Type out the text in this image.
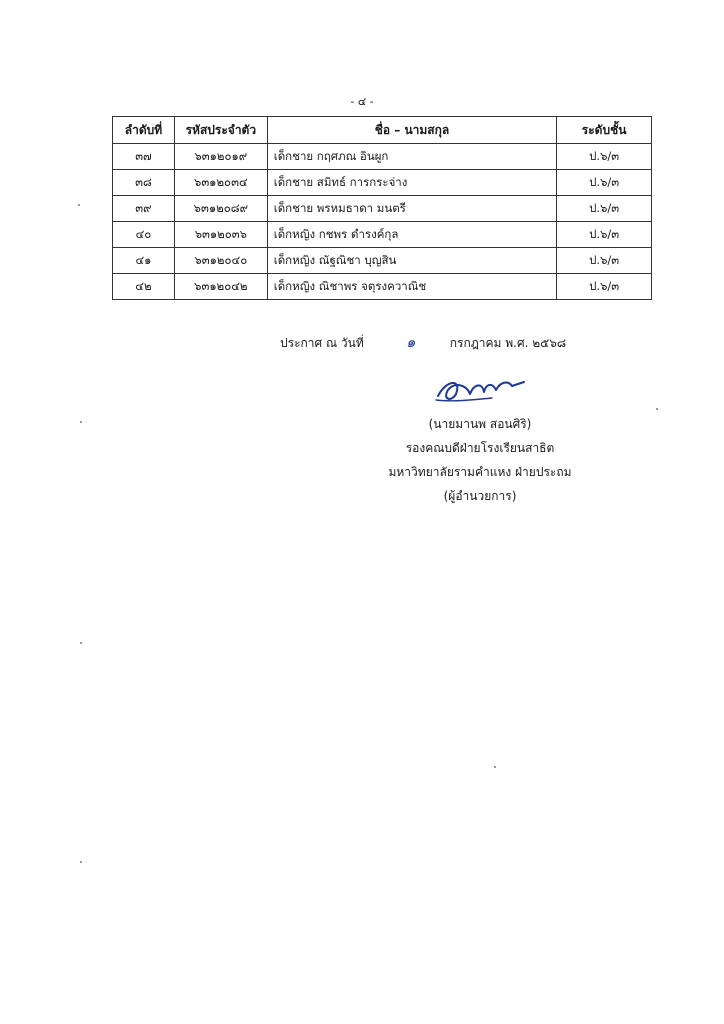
- ๔ -
ลำดับที่	รหัสประจำตัว	ชื่อ – นามสกุล	ระดับชั้น
๓๗	๖๓๑๒๐๑๙	เด็กชาย กฤศภณ อินผูก	ป.๖/๓
๓๘	๖๓๑๒๐๓๔	เด็กชาย สมิทธ์ การกระจ่าง	ป.๖/๓
๓๙	๖๓๑๒๐๘๙	เด็กชาย พรหมธาดา มนตรี	ป.๖/๓
๔๐	๖๓๑๒๐๓๖	เด็กหญิง กชพร ดำรงค์กุล	ป.๖/๓
๔๑	๖๓๑๒๐๔๐	เด็กหญิง ณัฐณิชา บุญสิน	ป.๖/๓
๔๒	๖๓๑๒๐๔๒	เด็กหญิง ณิชาพร จตุรงควาณิช	ป.๖/๓
ประกาศ ณ วันที่	๑	กรกฎาคม พ.ศ. ๒๕๖๘
(นายมานพ สอนศิริ)
รองคณบดีฝ่ายโรงเรียนสาธิต
มหาวิทยาลัยรามคำแหง ฝ่ายประถม
(ผู้อำนวยการ)
